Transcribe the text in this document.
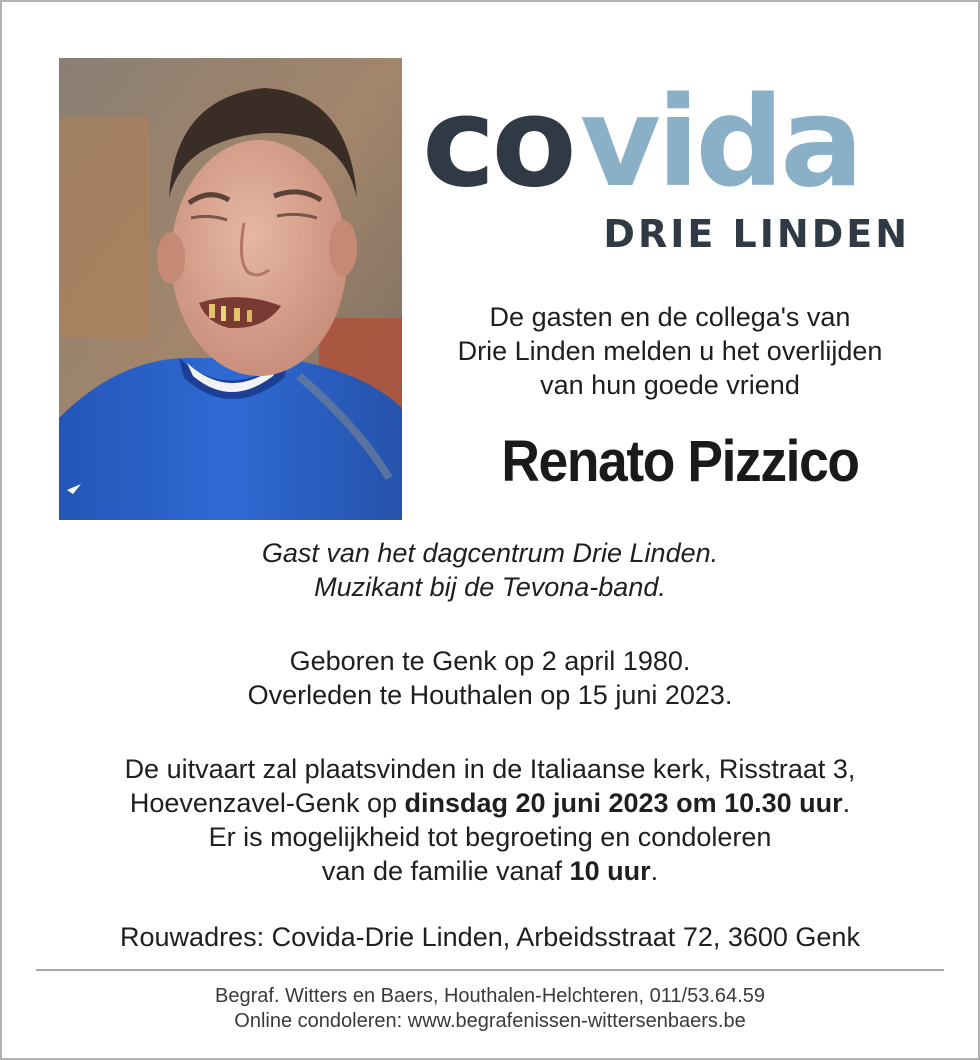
co vida
DRIE LINDEN
De gasten en de collega's van
Drie Linden melden u het overlijden
van hun goede vriend
Renato Pizzico
Gast van het dagcentrum Drie Linden.
Muzikant bij de Tevona-band.
Geboren te Genk op 2 april 1980.
Overleden te Houthalen op 15 juni 2023.
De uitvaart zal plaatsvinden in de Italiaanse kerk, Risstraat 3,
Hoevenzavel-Genk op dinsdag 20 juni 2023 om 10.30 uur.
Er is mogelijkheid tot begroeting en condoleren
van de familie vanaf 10 uur.
Rouwadres: Covida-Drie Linden, Arbeidsstraat 72, 3600 Genk
Begraf. Witters en Baers, Houthalen-Helchteren, 011/53.64.59
Online condoleren: www.begrafenissen-wittersenbaers.be
